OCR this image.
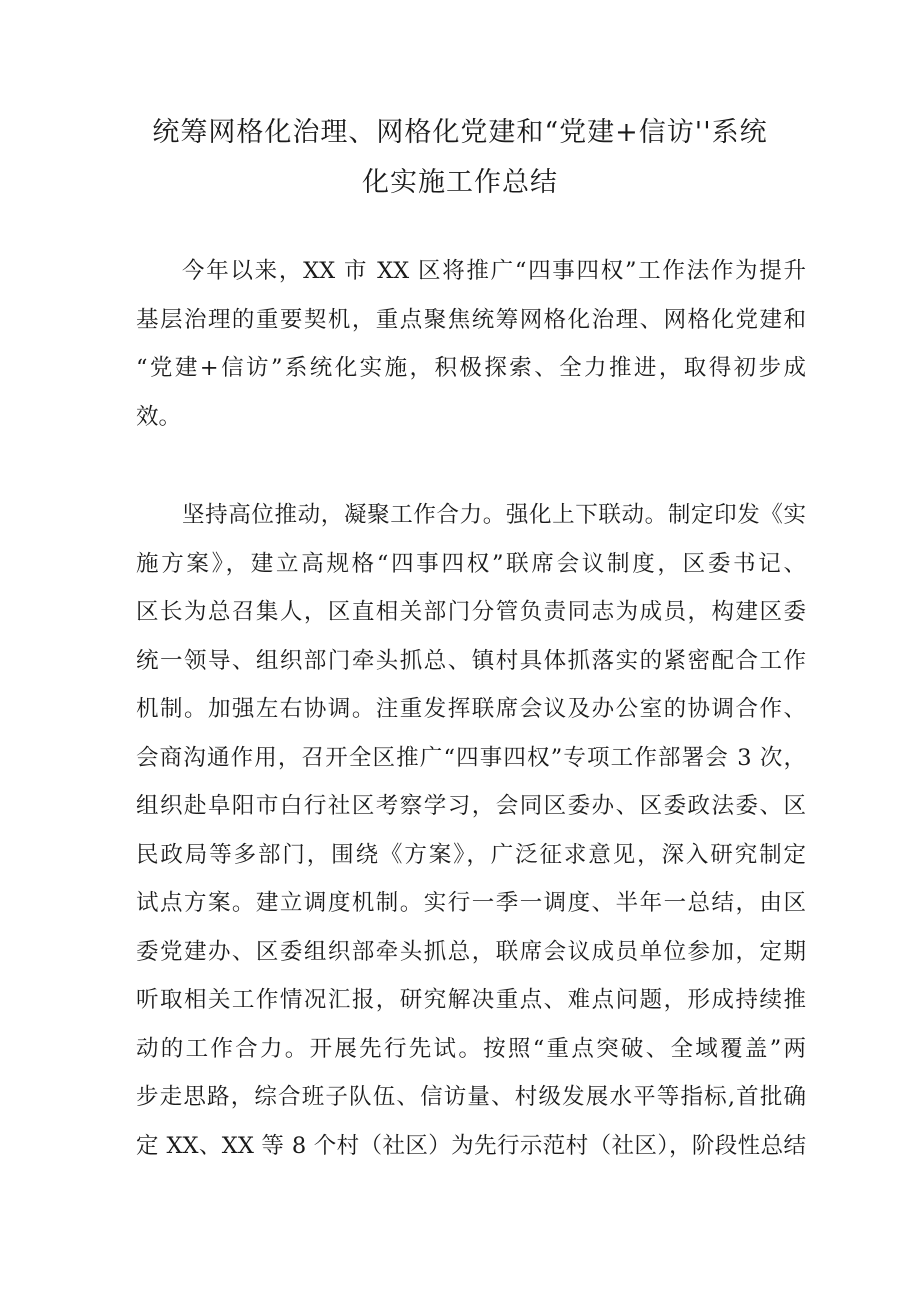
统筹网格化治理、网格化党建和“党建+信访''系统
化实施工作总结
今年以来，XX 市 XX 区将推广“四事四权”工作法作为提升
基层治理的重要契机，重点聚焦统筹网格化治理、网格化党建和
“党建+信访”系统化实施，积极探索、全力推进，取得初步成
效。
坚持高位推动，凝聚工作合力。强化上下联动。制定印发《实
施方案》，建立高规格“四事四权”联席会议制度，区委书记、
区长为总召集人，区直相关部门分管负责同志为成员，构建区委
统一领导、组织部门牵头抓总、镇村具体抓落实的紧密配合工作
机制。加强左右协调。注重发挥联席会议及办公室的协调合作、
会商沟通作用，召开全区推广“四事四权”专项工作部署会 3 次，
组织赴阜阳市白行社区考察学习，会同区委办、区委政法委、区
民政局等多部门，围绕《方案》，广泛征求意见，深入研究制定
试点方案。建立调度机制。实行一季一调度、半年一总结，由区
委党建办、区委组织部牵头抓总，联席会议成员单位参加，定期
听取相关工作情况汇报，研究解决重点、难点问题，形成持续推
动的工作合力。开展先行先试。按照“重点突破、全域覆盖”两
步走思路，综合班子队伍、信访量、村级发展水平等指标,首批确
定 XX、XX 等 8 个村（社区）为先行示范村（社区），阶段性总结
